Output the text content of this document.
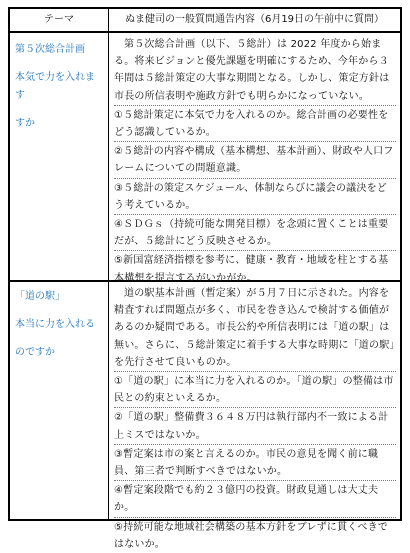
テーマ	ぬま健司の一般質問通告内容（6月19日の午前中に質問）
第５次総合計画
本気で力を入れます
すか

第５次総合計画（以下、５総計）は 2022 年度から始まる。将来ビジョンと優先課題を明確にするため、今年から３年間は５総計策定の大事な期間となる。しかし、策定方針は市長の所信表明や施政方針でも明らかになっていない。

①５総計策定に本気で力を入れるのか。総合計画の必要性をどう認識しているか。

②５総計の内容や構成（基本構想、基本計画）、財政や人口フレームについての問題意識。

③５総計の策定スケジュール、体制ならびに議会の議決をどう考えているか。

④ＳＤＧｓ（持続可能な開発目標）を念頭に置くことは重要だが、５総計にどう反映させるか。

⑤新国富経済指標を参考に、健康・教育・地域を柱とする基本構想を提言するがいかがか。

「道の駅」
本当に力を入れる
のですか

道の駅基本計画（暫定案）が５月７日に示された。内容を精査すれば問題点が多く、市民を巻き込んで検討する価値があるのか疑問である。市長公約や所信表明には「道の駅」は無い。さらに、５総計策定に着手する大事な時期に「道の駅」を先行させて良いものか。

①「道の駅」に本当に力を入れるのか。「道の駅」の整備は市民との約束といえるか。

②「道の駅」整備費３６４８万円は執行部内不一致による計上ミスではないか。

③暫定案は市の案と言えるのか。市民の意見を聞く前に職員、第三者で判断すべきではないか。

④暫定案段階でも約２３億円の投資。財政見通しは大丈夫か。

⑤持続可能な地域社会構築の基本方針をブレずに貫くべきではないか。
